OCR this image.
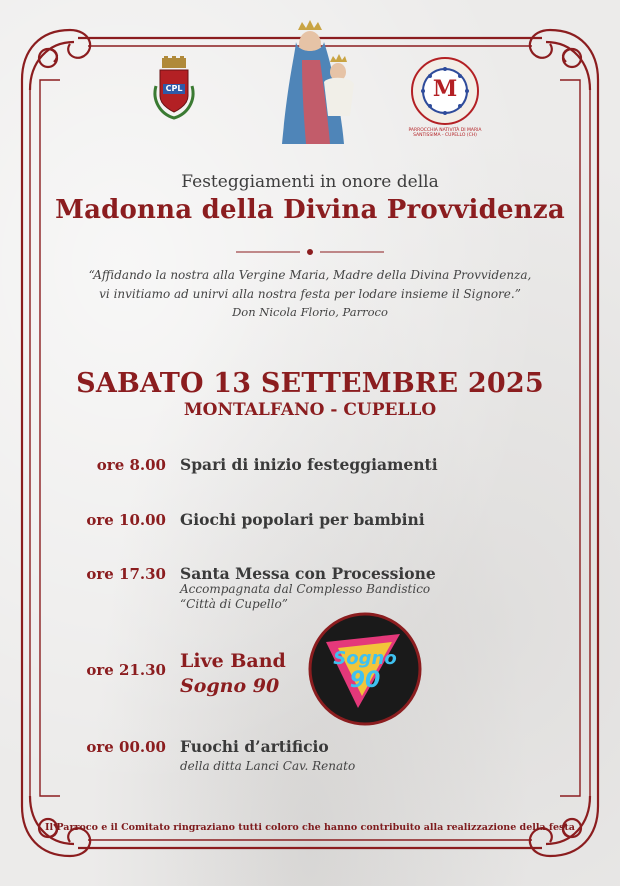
CPL	M
PARROCCHIA NATIVITÀ DI MARIA SANTISSIMA - CUPELLO (CH)
Festeggiamenti in onore della
Madonna della Divina Provvidenza
“Affidando la nostra alla Vergine Maria, Madre della Divina Provvidenza,
vi invitiamo ad unirvi alla nostra festa per lodare insieme il Signore.”
Don Nicola Florio, Parroco
SABATO 13 SETTEMBRE 2025
MONTALFANO - CUPELLO
ore 8.00 Spari di inizio festeggiamenti
ore 10.00 Giochi popolari per bambini
ore 17.30 Santa Messa con Processione
Accompagnata dal Complesso Bandistico
“Città di Cupello”
ore 21.30 Live Band
Sogno 90
Sogno
90
ore 00.00 Fuochi d’artificio
della ditta Lanci Cav. Renato
Il Parroco e il Comitato ringraziano tutti coloro che hanno contribuito alla realizzazione della festa
